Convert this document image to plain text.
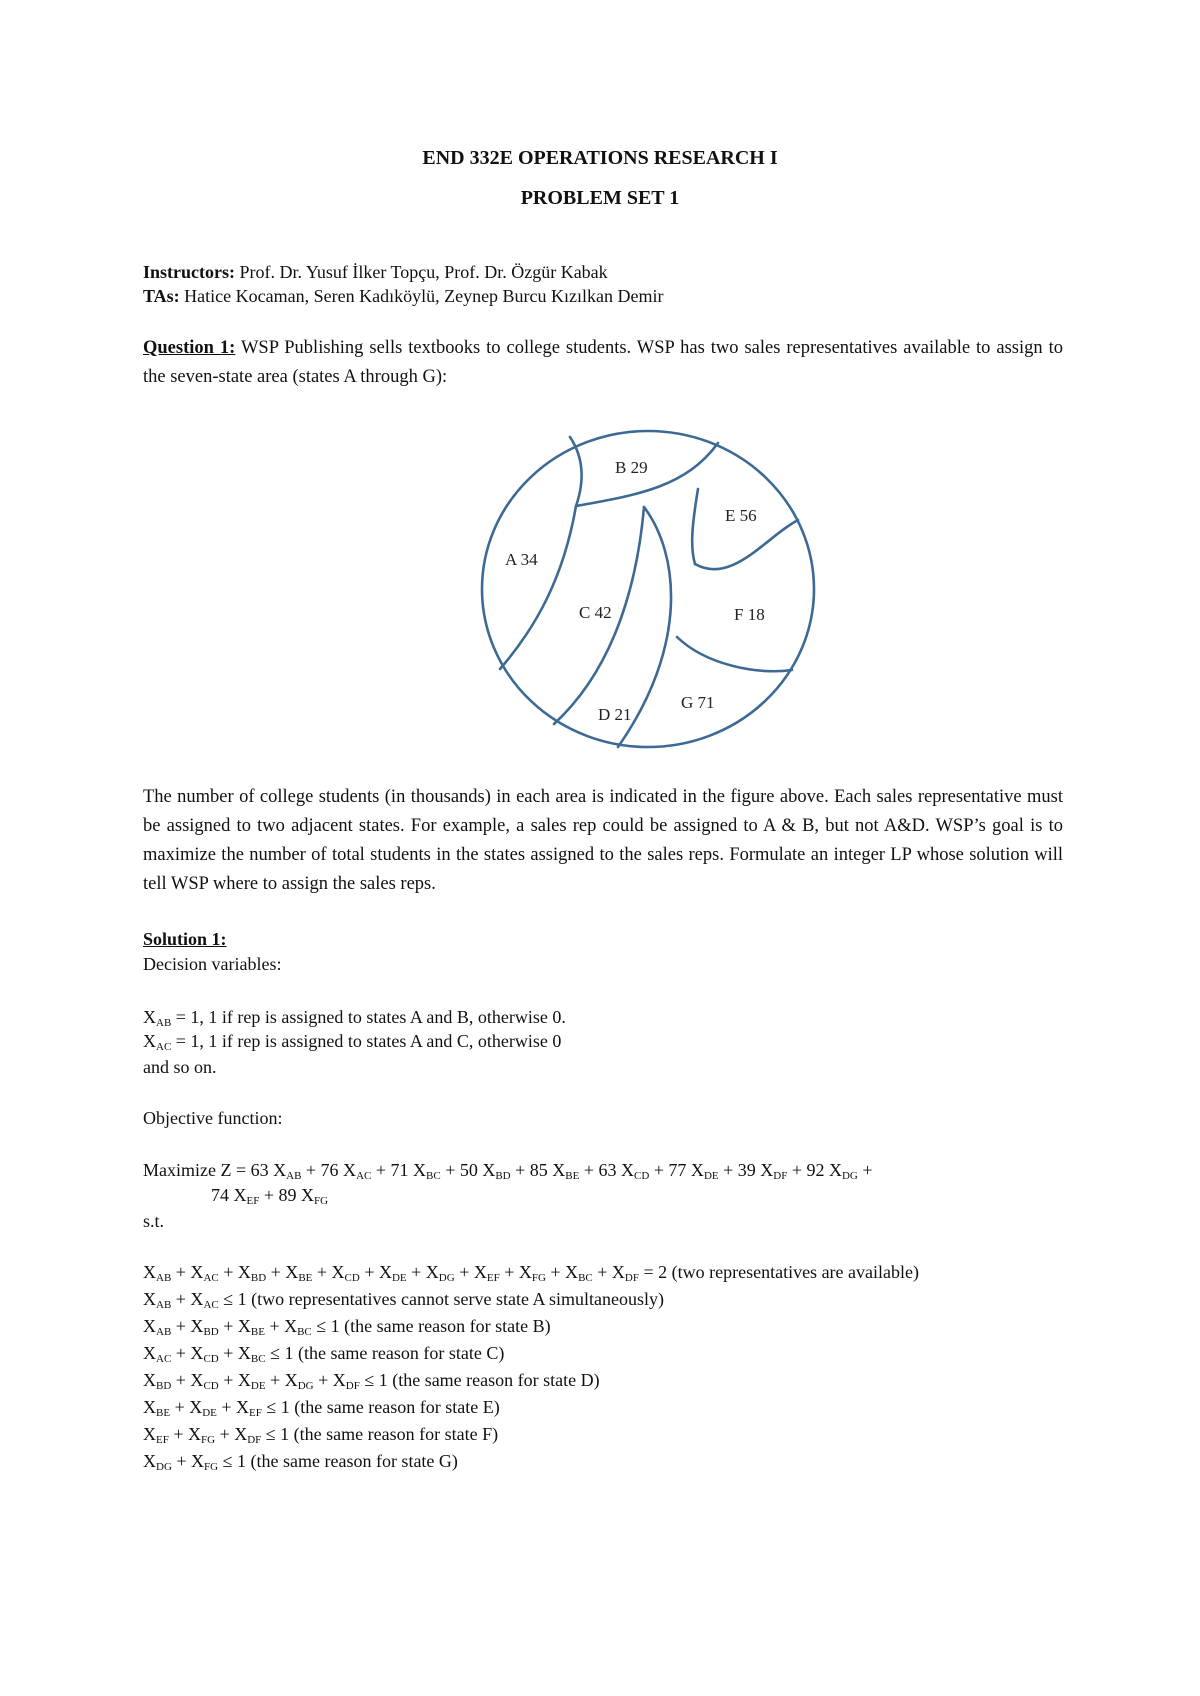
END 332E OPERATIONS RESEARCH I
PROBLEM SET 1
Instructors: Prof. Dr. Yusuf İlker Topçu, Prof. Dr. Özgür Kabak
TAs: Hatice Kocaman, Seren Kadıköylü, Zeynep Burcu Kızılkan Demir
Question 1: WSP Publishing sells textbooks to college students. WSP has two sales representatives available to assign to the seven-state area (states A through G):
A 34
B 29
C 42
D 21
E 56
F 18
G 71
The number of college students (in thousands) in each area is indicated in the figure above. Each sales representative must be assigned to two adjacent states. For example, a sales rep could be assigned to A & B, but not A&D. WSP’s goal is to maximize the number of total students in the states assigned to the sales reps. Formulate an integer LP whose solution will tell WSP where to assign the sales reps.
Solution 1:
Decision variables:
$X_{AB} = 1$, 1 if rep is assigned to states A and B, otherwise 0.
$X_{AC} = 1$, 1 if rep is assigned to states A and C, otherwise 0
and so on.
Objective function:
Maximize Z = 63 $X_{AB} + 76$ $X_{AC} + 71$ $X_{BC} + 50$ $X_{BD} + 85$ $X_{BE} + 63$ $X_{CD} + 77$ $X_{DE} + 39$ $X_{DF} + 92$ $X_{DG}$ +
74 $X_{EF} + 89$ $X_{FG}$
s.t.
$X_{AB} + X_{AC} + X_{BD} + X_{BE} + X_{CD} + X_{DE} + X_{DG} + X_{EF} + X_{FG} + X_{BC} + X_{DF} = 2$ (two representatives are available)
$X_{AB} + X_{AC} \le 1$ (two representatives cannot serve state A simultaneously)
$X_{AB} + X_{BD} + X_{BE} + X_{BC} \le 1$ (the same reason for state B)
$X_{AC} + X_{CD} + X_{BC} \le 1$ (the same reason for state C)
$X_{BD} + X_{CD} + X_{DE} + X_{DG} + X_{DF} \le 1$ (the same reason for state D)
$X_{BE} + X_{DE} + X_{EF} \le 1$ (the same reason for state E)
$X_{EF} + X_{FG} + X_{DF} \le 1$ (the same reason for state F)
$X_{DG} + X_{FG} \le 1$ (the same reason for state G)
